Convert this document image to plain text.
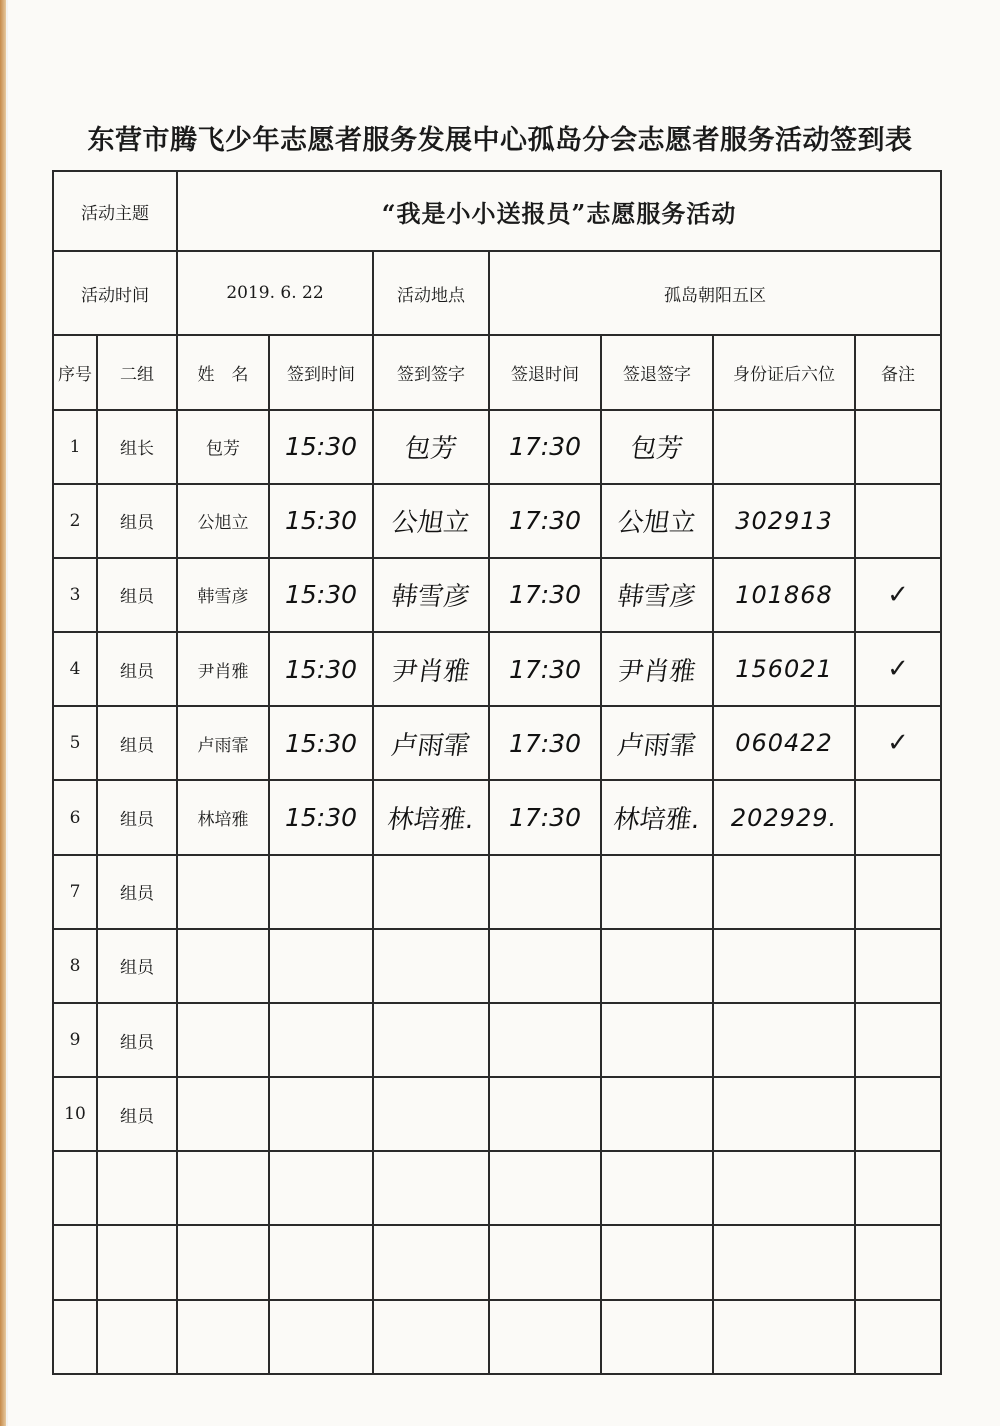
东营市腾飞少年志愿者服务发展中心孤岛分会志愿者服务活动签到表
活动主题		“我是小小送报员”志愿服务活动						
活动时间		2019. 6. 22		活动地点	孤岛朝阳五区			
序号	二组	姓　名	签到时间	签到签字	签退时间	签退签字	身份证后六位	备注
1	组长	包芳	15:30	包芳	17:30	包芳		
2	组员	公旭立	15:30	公旭立	17:30	公旭立	302913	
3	组员	韩雪彦	15:30	韩雪彦	17:30	韩雪彦	101868	✓
4	组员	尹肖雅	15:30	尹肖雅	17:30	尹肖雅	156021	✓
5	组员	卢雨霏	15:30	卢雨霏	17:30	卢雨霏	060422	✓
6	组员	林培雅	15:30	林培雅.	17:30	林培雅.	202929.	
7	组员							
8	组员							
9	组员							
10	组员							
